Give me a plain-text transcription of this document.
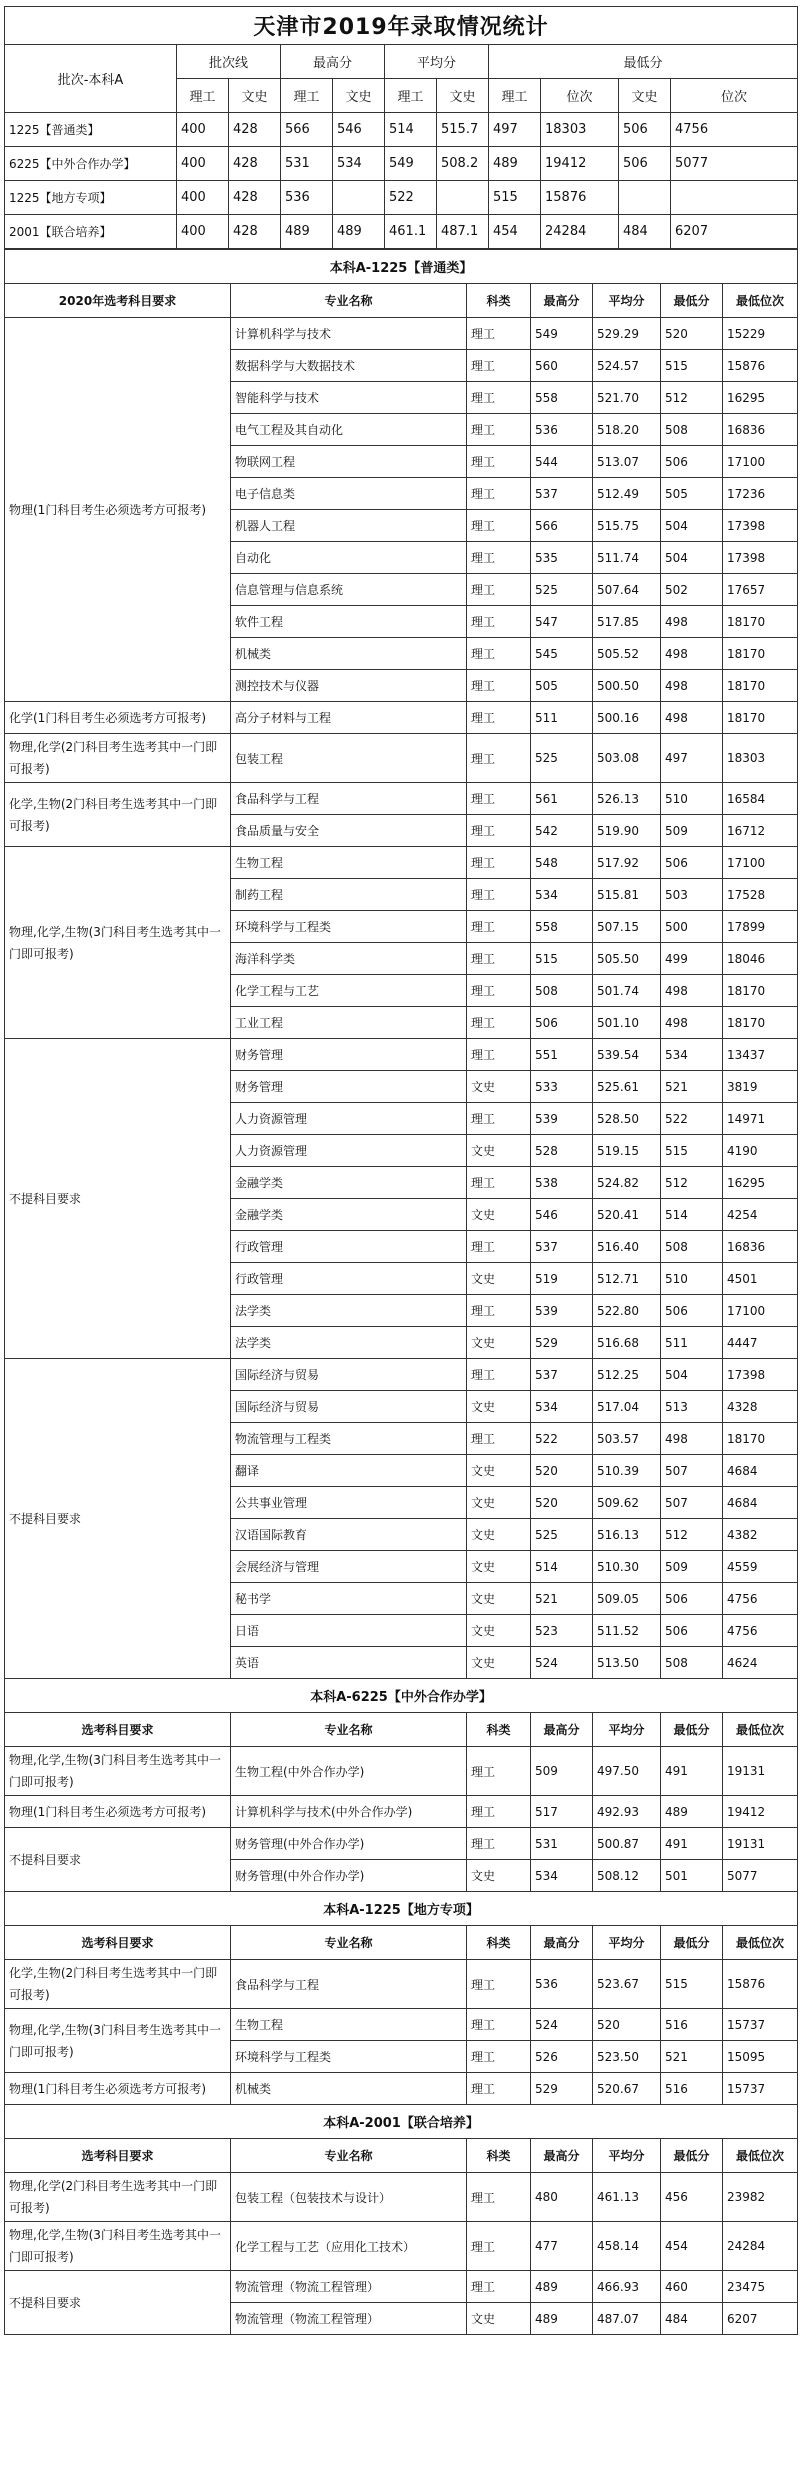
天津市2019年录取情况统计										
批次-本科A	批次线		最高分		平均分		最低分			
	理工	文史	理工	文史	理工	文史	理工	位次	文史	位次
1225【普通类】	400	428	566	546	514	515.7	497	18303	506	4756
6225【中外合作办学】	400	428	531	534	549	508.2	489	19412	506	5077
1225【地方专项】	400	428	536		522		515	15876		
2001【联合培养】	400	428	489	489	461.1	487.1	454	24284	484	6207
本科A-1225【普通类】						
2020年选考科目要求	专业名称	科类	最高分	平均分	最低分	最低位次
物理(1门科目考生必须选考方可报考)	计算机科学与技术	理工	549	529.29	520	15229
	数据科学与大数据技术	理工	560	524.57	515	15876
	智能科学与技术	理工	558	521.70	512	16295
	电气工程及其自动化	理工	536	518.20	508	16836
	物联网工程	理工	544	513.07	506	17100
	电子信息类	理工	537	512.49	505	17236
	机器人工程	理工	566	515.75	504	17398
	自动化	理工	535	511.74	504	17398
	信息管理与信息系统	理工	525	507.64	502	17657
	软件工程	理工	547	517.85	498	18170
	机械类	理工	545	505.52	498	18170
	测控技术与仪器	理工	505	500.50	498	18170
化学(1门科目考生必须选考方可报考)	高分子材料与工程	理工	511	500.16	498	18170
物理,化学(2门科目考生选考其中一门即可报考)	包装工程	理工	525	503.08	497	18303
化学,生物(2门科目考生选考其中一门即可报考)	食品科学与工程	理工	561	526.13	510	16584
	食品质量与安全	理工	542	519.90	509	16712
物理,化学,生物(3门科目考生选考其中一门即可报考)	生物工程	理工	548	517.92	506	17100
	制药工程	理工	534	515.81	503	17528
	环境科学与工程类	理工	558	507.15	500	17899
	海洋科学类	理工	515	505.50	499	18046
	化学工程与工艺	理工	508	501.74	498	18170
	工业工程	理工	506	501.10	498	18170
不提科目要求	财务管理	理工	551	539.54	534	13437
	财务管理	文史	533	525.61	521	3819
	人力资源管理	理工	539	528.50	522	14971
	人力资源管理	文史	528	519.15	515	4190
	金融学类	理工	538	524.82	512	16295
	金融学类	文史	546	520.41	514	4254
	行政管理	理工	537	516.40	508	16836
	行政管理	文史	519	512.71	510	4501
	法学类	理工	539	522.80	506	17100
	法学类	文史	529	516.68	511	4447
不提科目要求	国际经济与贸易	理工	537	512.25	504	17398
	国际经济与贸易	文史	534	517.04	513	4328
	物流管理与工程类	理工	522	503.57	498	18170
	翻译	文史	520	510.39	507	4684
	公共事业管理	文史	520	509.62	507	4684
	汉语国际教育	文史	525	516.13	512	4382
	会展经济与管理	文史	514	510.30	509	4559
	秘书学	文史	521	509.05	506	4756
	日语	文史	523	511.52	506	4756
	英语	文史	524	513.50	508	4624
本科A-6225【中外合作办学】						
选考科目要求	专业名称	科类	最高分	平均分	最低分	最低位次
物理,化学,生物(3门科目考生选考其中一门即可报考)	生物工程(中外合作办学)	理工	509	497.50	491	19131
物理(1门科目考生必须选考方可报考)	计算机科学与技术(中外合作办学)	理工	517	492.93	489	19412
不提科目要求	财务管理(中外合作办学)	理工	531	500.87	491	19131
	财务管理(中外合作办学)	文史	534	508.12	501	5077
本科A-1225【地方专项】						
选考科目要求	专业名称	科类	最高分	平均分	最低分	最低位次
化学,生物(2门科目考生选考其中一门即可报考)	食品科学与工程	理工	536	523.67	515	15876
物理,化学,生物(3门科目考生选考其中一门即可报考)	生物工程	理工	524	520	516	15737
	环境科学与工程类	理工	526	523.50	521	15095
物理(1门科目考生必须选考方可报考)	机械类	理工	529	520.67	516	15737
本科A-2001【联合培养】						
选考科目要求	专业名称	科类	最高分	平均分	最低分	最低位次
物理,化学(2门科目考生选考其中一门即可报考)	包装工程（包装技术与设计）	理工	480	461.13	456	23982
物理,化学,生物(3门科目考生选考其中一门即可报考)	化学工程与工艺（应用化工技术）	理工	477	458.14	454	24284
不提科目要求	物流管理（物流工程管理）	理工	489	466.93	460	23475
	物流管理（物流工程管理）	文史	489	487.07	484	6207
